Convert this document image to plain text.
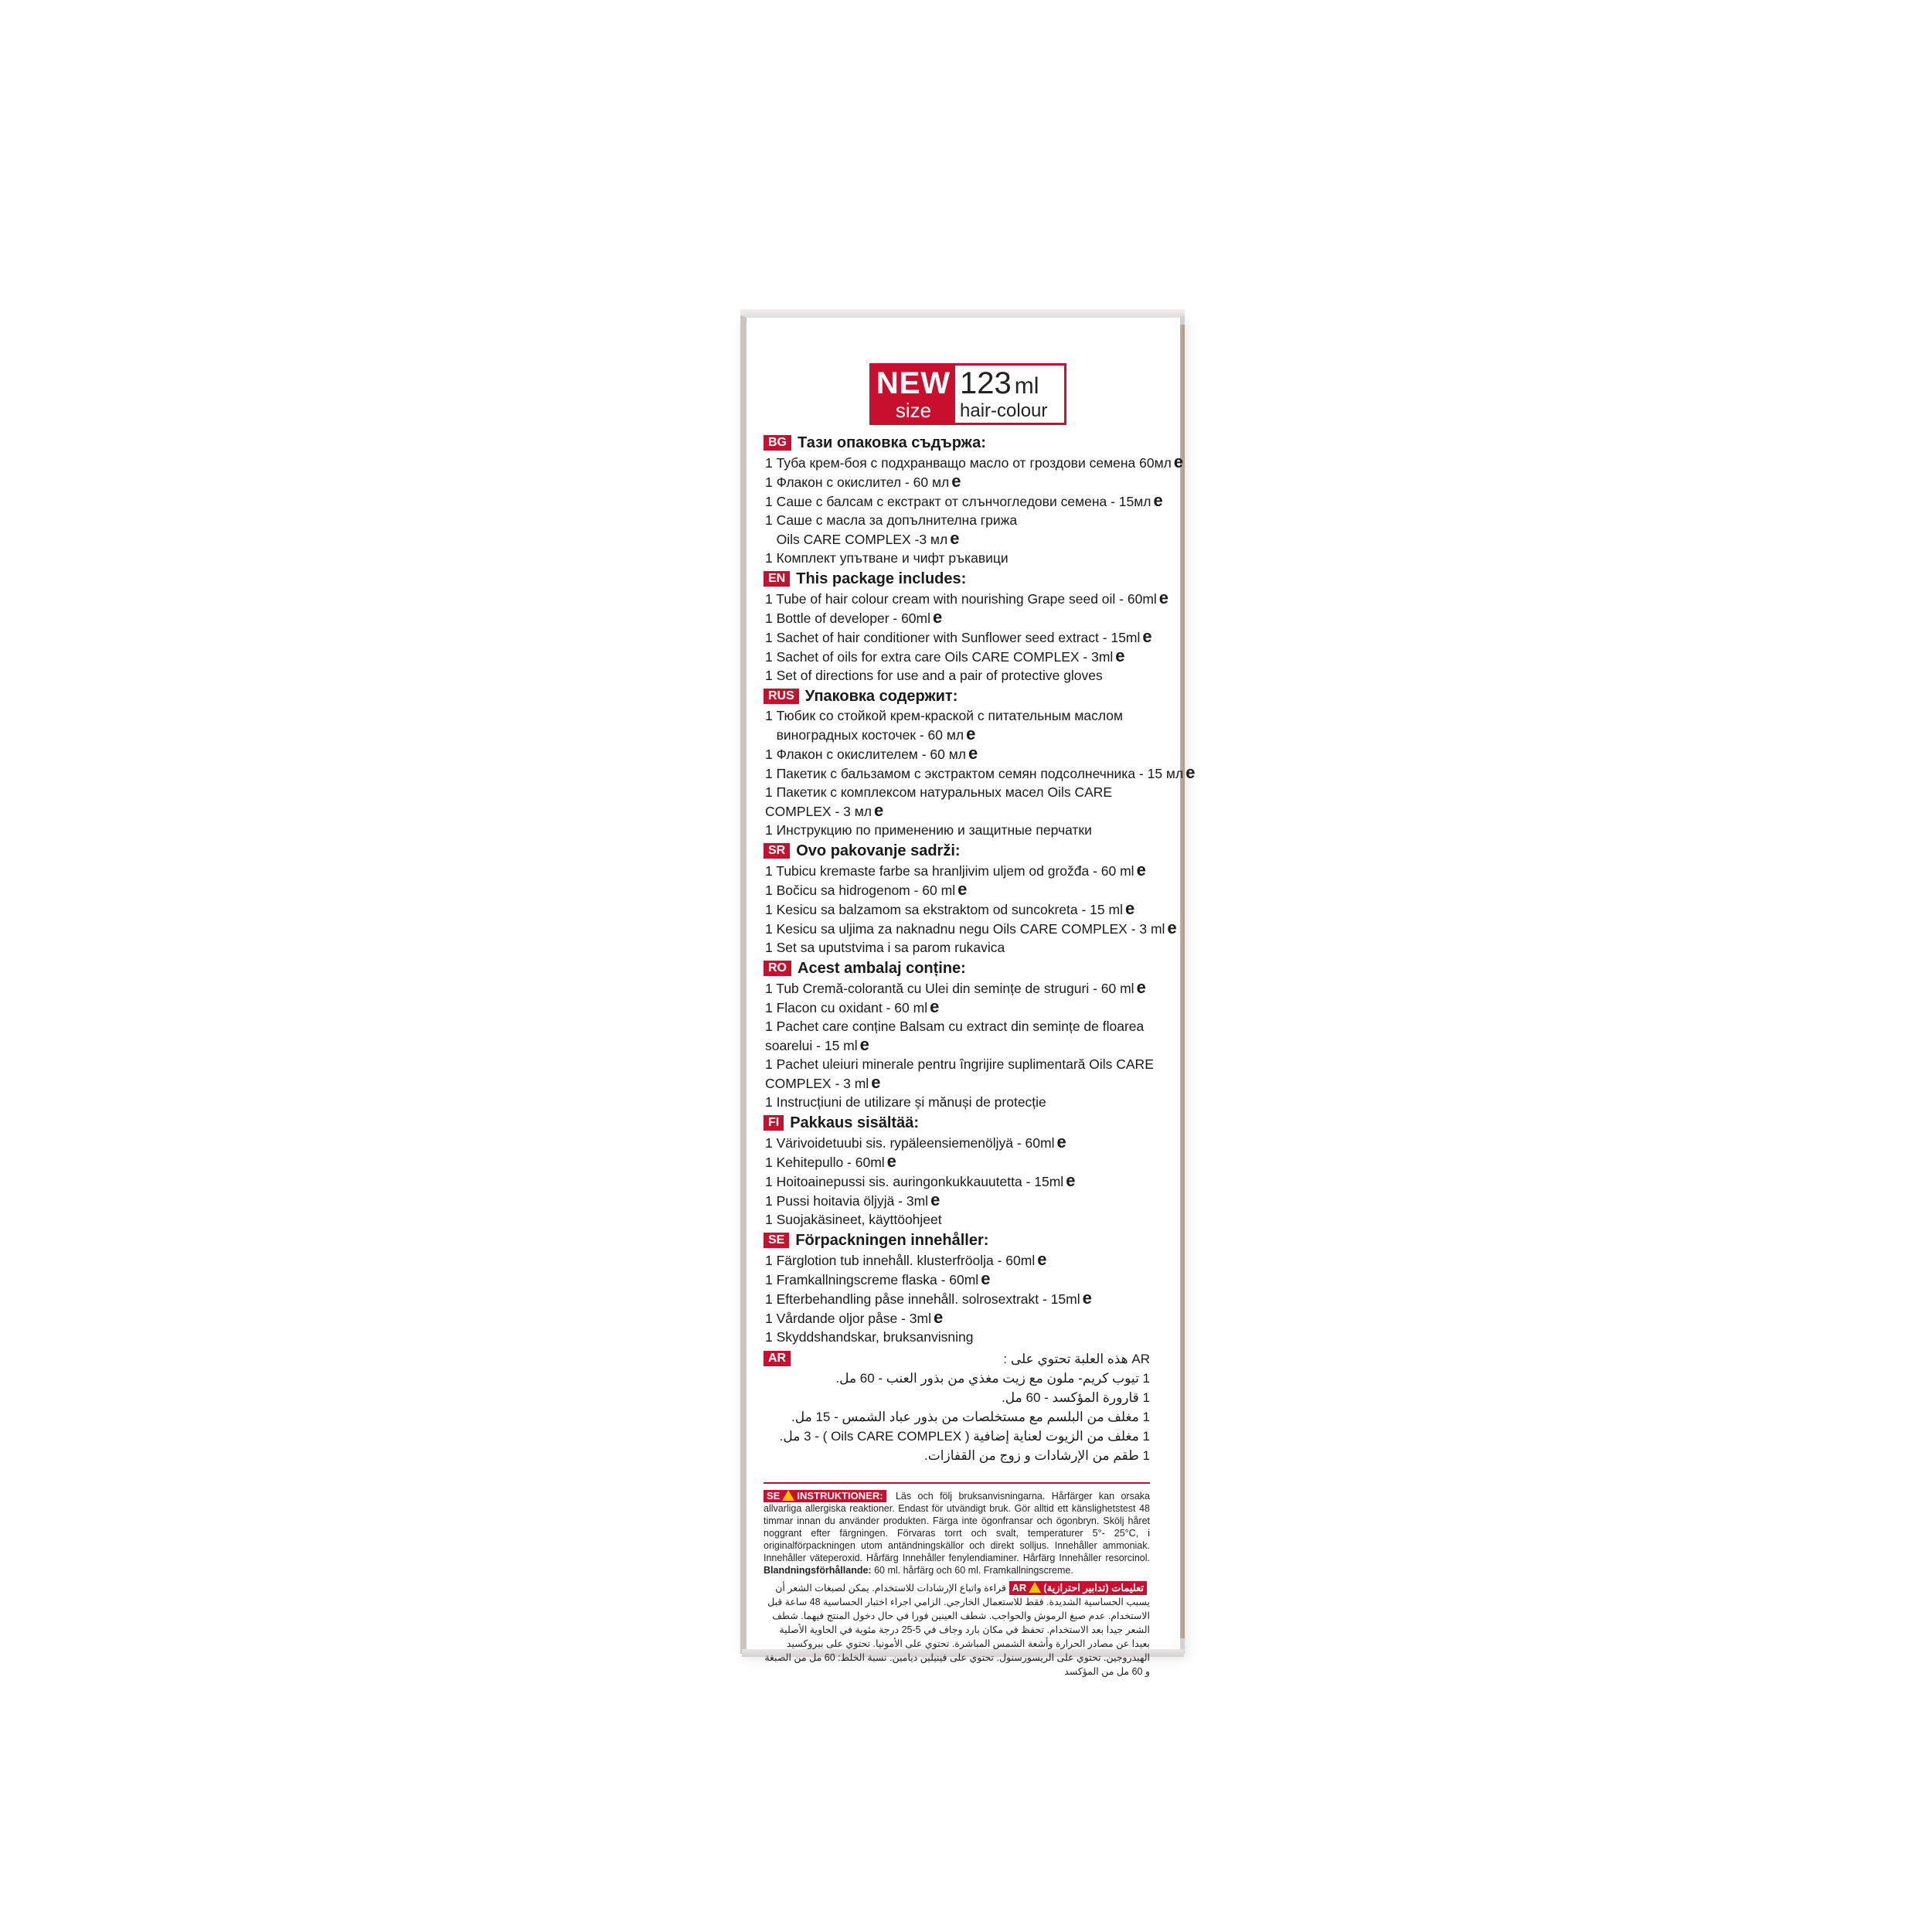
NEW
size
123 ml
hair-colour
BG Тази опаковка съдържа:
1 Туба крем-боя с подхранващо масло от гроздови семена 60мл e
1 Флакон с окислител - 60 мл e
1 Саше с балсам с екстракт от слънчогледови семена - 15мл e
1 Саше с масла за допълнителна грижа
Oils CARE COMPLEX -3 мл e
1 Комплект упътване и чифт ръкавици
EN This package includes:
1 Tube of hair colour cream with nourishing Grape seed oil - 60ml e
1 Bottle of developer - 60ml e
1 Sachet of hair conditioner with Sunflower seed extract - 15ml e
1 Sachet of oils for extra care Oils CARE COMPLEX - 3ml e
1 Set of directions for use and a pair of protective gloves
RUS Упаковка содержит:
1 Тюбик со стойкой крем-краской с питательным маслом
виноградных косточек - 60 мл e
1 Флакон с окислителем - 60 мл e
1 Пакетик с бальзамом с экстрактом семян подсолнечника - 15 мл e
1 Пакетик с комплексом натуральных масел Oils CARE
COMPLEX - 3 мл e
1 Инструкцию по применению и защитные перчатки
SR Ovo pakovanje sadrži:
1 Tubicu kremaste farbe sa hranljivim uljem od grožđa - 60 ml e
1 Bočicu sa hidrogenom - 60 ml e
1 Kesicu sa balzamom sa ekstraktom od suncokreta - 15 ml e
1 Kesicu sa uljima za naknadnu negu Oils CARE COMPLEX - 3 ml e
1 Set sa uputstvima i sa parom rukavica
RO Acest ambalaj conține:
1 Tub Cremă-colorantă cu Ulei din semințe de struguri - 60 ml e
1 Flacon cu oxidant - 60 ml e
1 Pachet care conține Balsam cu extract din semințe de floarea
soarelui - 15 ml e
1 Pachet uleiuri minerale pentru îngrijire suplimentară Oils CARE
COMPLEX - 3 ml e
1 Instrucțiuni de utilizare și mănuși de protecție
FI Pakkaus sisältää:
1 Värivoidetuubi sis. rypäleensiemenöljyä - 60ml e
1 Kehitepullo - 60ml e
1 Hoitoainepussi sis. auringonkukkauutetta - 15ml e
1 Pussi hoitavia öljyjä - 3ml e
1 Suojakäsineet, käyttöohjeet
SE Förpackningen innehåller:
1 Färglotion tub innehåll. klusterfröolja - 60ml e
1 Framkallningscreme flaska - 60ml e
1 Efterbehandling påse innehåll. solrosextrakt - 15ml e
1 Vårdande oljor påse - 3ml e
1 Skyddshandskar, bruksanvisning
AR	AR هذه العلبة تحتوي على :
1 تيوب كريم- ملون مع زيت مغذي من بذور العنب - 60 مل.
1 قارورة المؤكسد - 60 مل.
1 مغلف من البلسم مع مستخلصات من بذور عباد الشمس - 15 مل.
1 مغلف من الزيوت لعناية إضافية ( Oils CARE COMPLEX ) - 3 مل.
1 طقم من الإرشادات و زوج من القفازات.
SE INSTRUKTIONER: Läs och följ bruksanvisningarna. Hårfärger kan orsaka allvarliga allergiska reaktioner. Endast för utvändigt bruk. Gör alltid ett känslighetstest 48 timmar innan du använder produkten. Färga inte ögonfransar och ögonbryn. Skölj håret noggrant efter färgningen. Förvaras torrt och svalt, temperaturer 5°- 25°C, i originalförpackningen utom antändningskällor och direkt solljus. Innehåller ammoniak. Innehåller väteperoxid. Hårfärg Innehåller fenylendiaminer. Hårfärg Innehåller resorcinol. Blandningsförhållande: 60 ml. hårfärg och 60 ml. Framkallningscreme.
AR تعليمات (تدابير احترازية) قراءة واتباع الإرشادات للاستخدام. يمكن لصبغات الشعر أن يسبب الحساسية الشديدة. فقط للاستعمال الخارجي. الزامي اجراء اختبار الحساسية 48 ساعة قبل الاستخدام. عدم صبغ الرموش والحواجب. شطف العينين فورا في حال دخول المنتج فيهما. شطف الشعر جيدا بعد الاستخدام. تحفظ في مكان بارد وجاف في 5-25 درجة مئوية في الحاوية الأصلية بعيدا عن مصادر الحرارة وأشعة الشمس المباشرة. تحتوي على الأمونيا. تحتوي على بيروكسيد الهيدروجين. تحتوي على الريسورسنول. تحتوي على فينيلين ديامين. نسبة الخلط: 60 مل من الصبغة و 60 مل من المؤكسد
